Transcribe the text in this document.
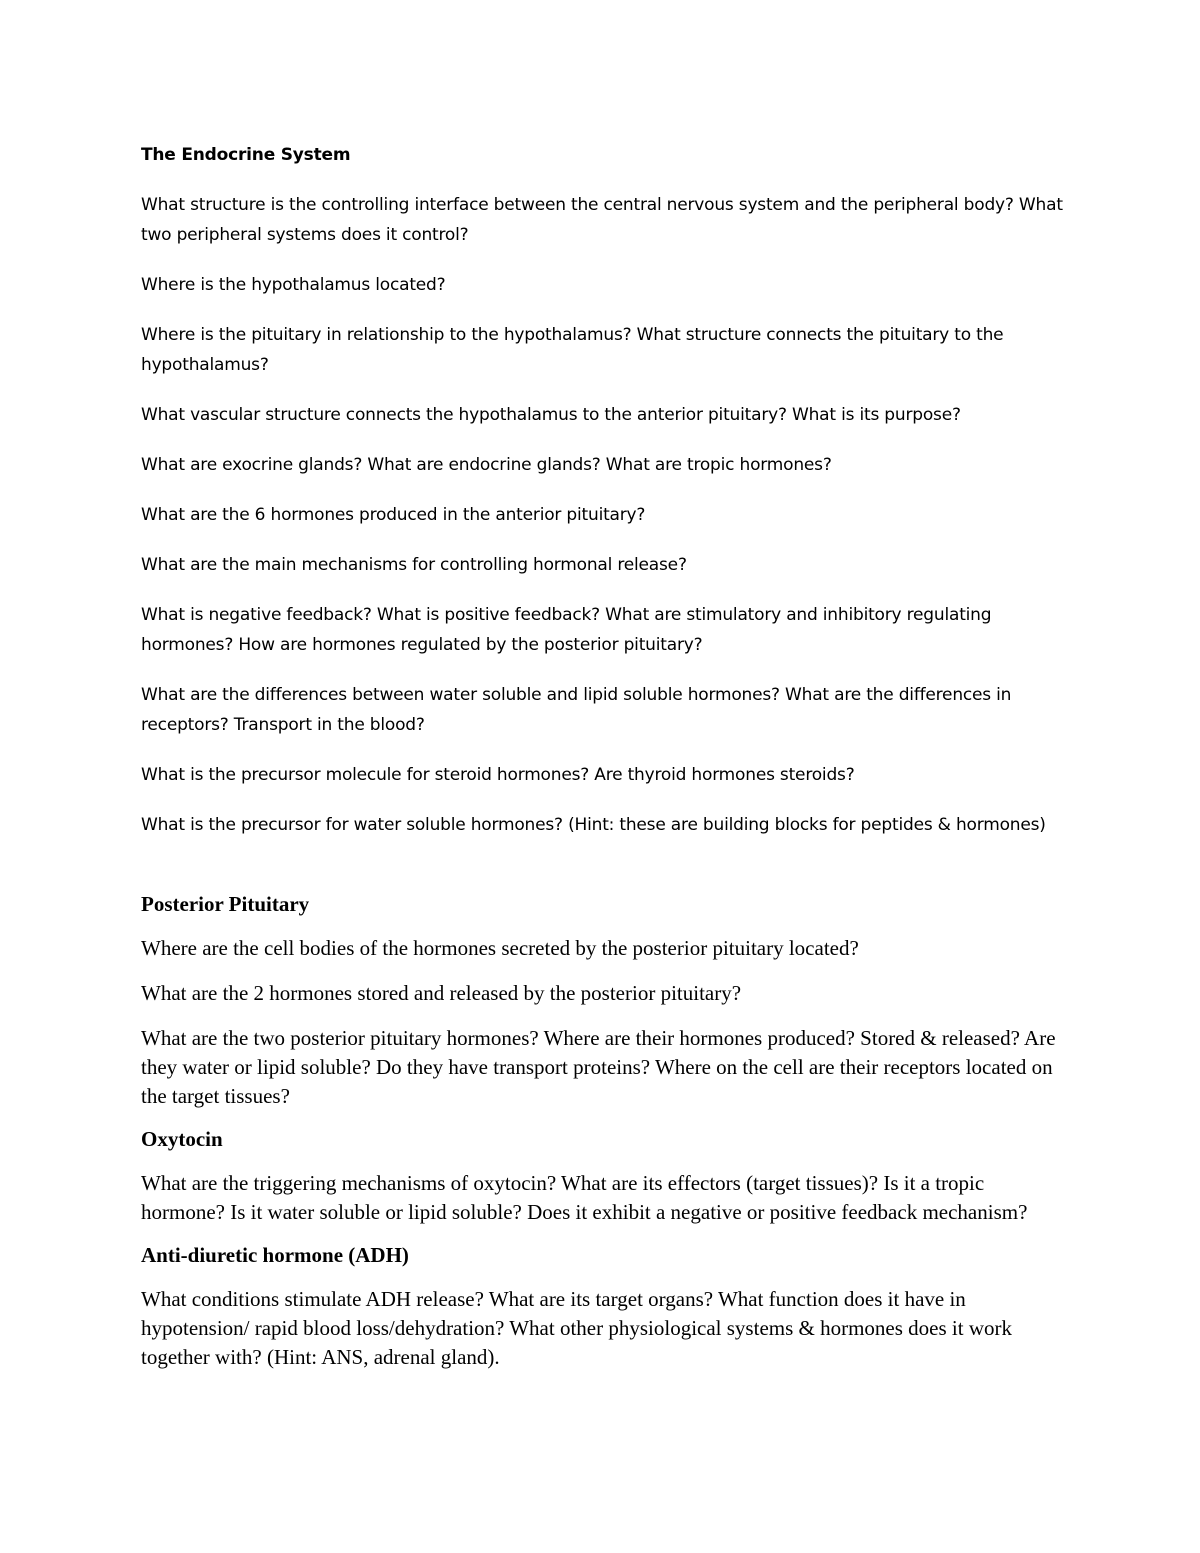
The Endocrine System
What structure is the controlling interface between the central nervous system and the peripheral body? What two peripheral systems does it control?
Where is the hypothalamus located?
Where is the pituitary in relationship to the hypothalamus? What structure connects the pituitary to the hypothalamus?
What vascular structure connects the hypothalamus to the anterior pituitary? What is its purpose?
What are exocrine glands? What are endocrine glands? What are tropic hormones?
What are the 6 hormones produced in the anterior pituitary?
What are the main mechanisms for controlling hormonal release?
What is negative feedback? What is positive feedback? What are stimulatory and inhibitory regulating hormones? How are hormones regulated by the posterior pituitary?
What are the differences between water soluble and lipid soluble hormones? What are the differences in receptors? Transport in the blood?
What is the precursor molecule for steroid hormones? Are thyroid hormones steroids?
What is the precursor for water soluble hormones? (Hint: these are building blocks for peptides & hormones)
Posterior Pituitary
Where are the cell bodies of the hormones secreted by the posterior pituitary located?
What are the 2 hormones stored and released by the posterior pituitary?
What are the two posterior pituitary hormones? Where are their hormones produced? Stored & released? Are they water or lipid soluble? Do they have transport proteins? Where on the cell are their receptors located on the target tissues?
Oxytocin
What are the triggering mechanisms of oxytocin? What are its effectors (target tissues)? Is it a tropic hormone? Is it water soluble or lipid soluble? Does it exhibit a negative or positive feedback mechanism?
Anti-diuretic hormone (ADH)
What conditions stimulate ADH release? What are its target organs? What function does it have in hypotension/ rapid blood loss/dehydration? What other physiological systems & hormones does it work together with? (Hint: ANS, adrenal gland).
